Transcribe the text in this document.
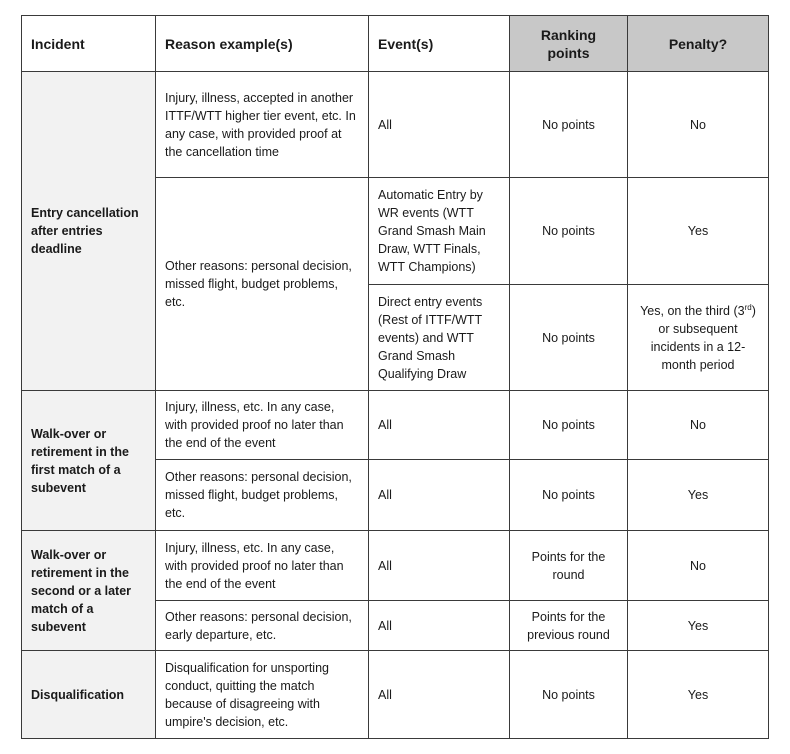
Incident	Reason example(s)	Event(s)	Ranking points	Penalty?
Entry cancellation after entries deadline	Injury, illness, accepted in another ITTF/WTT higher tier event, etc. In any case, with provided proof at the cancellation time	All	No points	No
	Other reasons: personal decision, missed flight, budget problems, etc.	Automatic Entry by WR events (WTT Grand Smash Main Draw, WTT Finals, WTT Champions)	No points	Yes
		Direct entry events (Rest of ITTF/WTT events) and WTT Grand Smash Qualifying Draw	No points	Yes, on the third (3rd) or subsequent incidents in a 12-month period
Walk-over or retirement in the first match of a subevent	Injury, illness, etc. In any case, with provided proof no later than the end of the event	All	No points	No
	Other reasons: personal decision, missed flight, budget problems, etc.	All	No points	Yes
Walk-over or retirement in the second or a later match of a subevent	Injury, illness, etc. In any case, with provided proof no later than the end of the event	All	Points for the round	No
	Other reasons: personal decision, early departure, etc.	All	Points for the previous round	Yes
Disqualification	Disqualification for unsporting conduct, quitting the match because of disagreeing with umpire's decision, etc.	All	No points	Yes
